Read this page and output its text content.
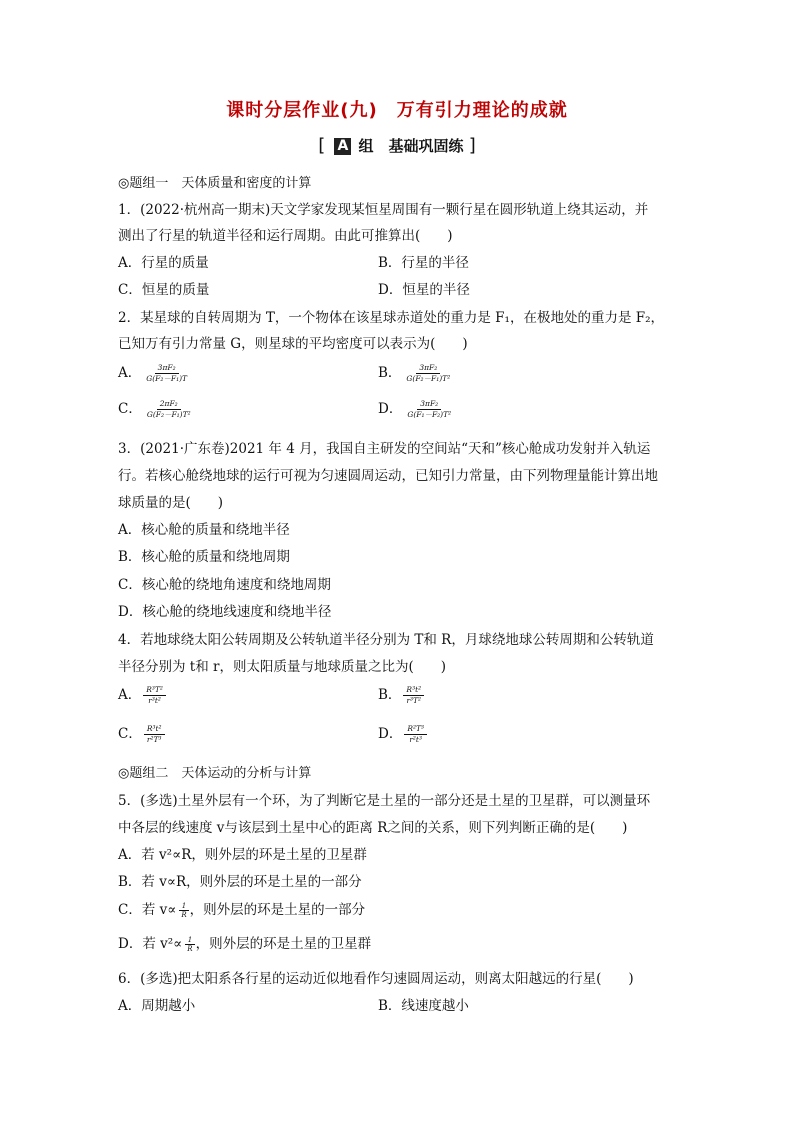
课时分层作业(九)　万有引力理论的成就
[ A 组　基础巩固练 ]
◎题组一　天体质量和密度的计算
1．(2022·杭州高一期末)天文学家发现某恒星周围有一颗行星在圆形轨道上绕其运动，并
测出了行星的轨道半径和运行周期。由此可推算出(　　)
A．行星的质量	B．行星的半径
C．恒星的质量	D．恒星的半径
2．某星球的自转周期为 T，一个物体在该星球赤道处的重力是 F₁，在极地处的重力是 F₂，
已知万有引力常量 G，则星球的平均密度可以表示为(　　)
A． $\frac{\text{3πF₂}}{\text{G(F₂－F₁)T}}$	B． $\frac{\text{3πF₂}}{\text{G(F₂－F₁)T²}}$
C． $\frac{\text{2πF₂}}{\text{G(F₂－F₁)T²}}$	D． $\frac{\text{3πF₂}}{\text{G(F₁－F₂)T²}}$
3．(2021·广东卷)2021 年 4 月，我国自主研发的空间站“天和”核心舱成功发射并入轨运
行。若核心舱绕地球的运行可视为匀速圆周运动，已知引力常量，由下列物理量能计算出地
球质量的是(　　)
A．核心舱的质量和绕地半径
B．核心舱的质量和绕地周期
C．核心舱的绕地角速度和绕地周期
D．核心舱的绕地线速度和绕地半径
4．若地球绕太阳公转周期及公转轨道半径分别为 T和 R，月球绕地球公转周期和公转轨道
半径分别为 t和 r，则太阳质量与地球质量之比为(　　)
A． $\frac{\text{R³T²}}{\text{r³t²}}$	B． $\frac{\text{R³t²}}{\text{r³T²}}$
C． $\frac{\text{R³t²}}{\text{r²T³}}$	D． $\frac{\text{R²T³}}{\text{r²t³}}$
◎题组二　天体运动的分析与计算
5．(多选)土星外层有一个环，为了判断它是土星的一部分还是土星的卫星群，可以测量环
中各层的线速度 v与该层到土星中心的距离 R之间的关系，则下列判断正确的是(　　)
A．若 v²∝R，则外层的环是土星的卫星群
B．若 v∝R，则外层的环是土星的一部分
C．若 $v\propto \frac{1}{R}$ ，则外层的环是土星的一部分
D．若 $v^2\propto \frac{1}{R}$ ，则外层的环是土星的卫星群
6．(多选)把太阳系各行星的运动近似地看作匀速圆周运动，则离太阳越远的行星(　　)
A．周期越小	B．线速度越小
